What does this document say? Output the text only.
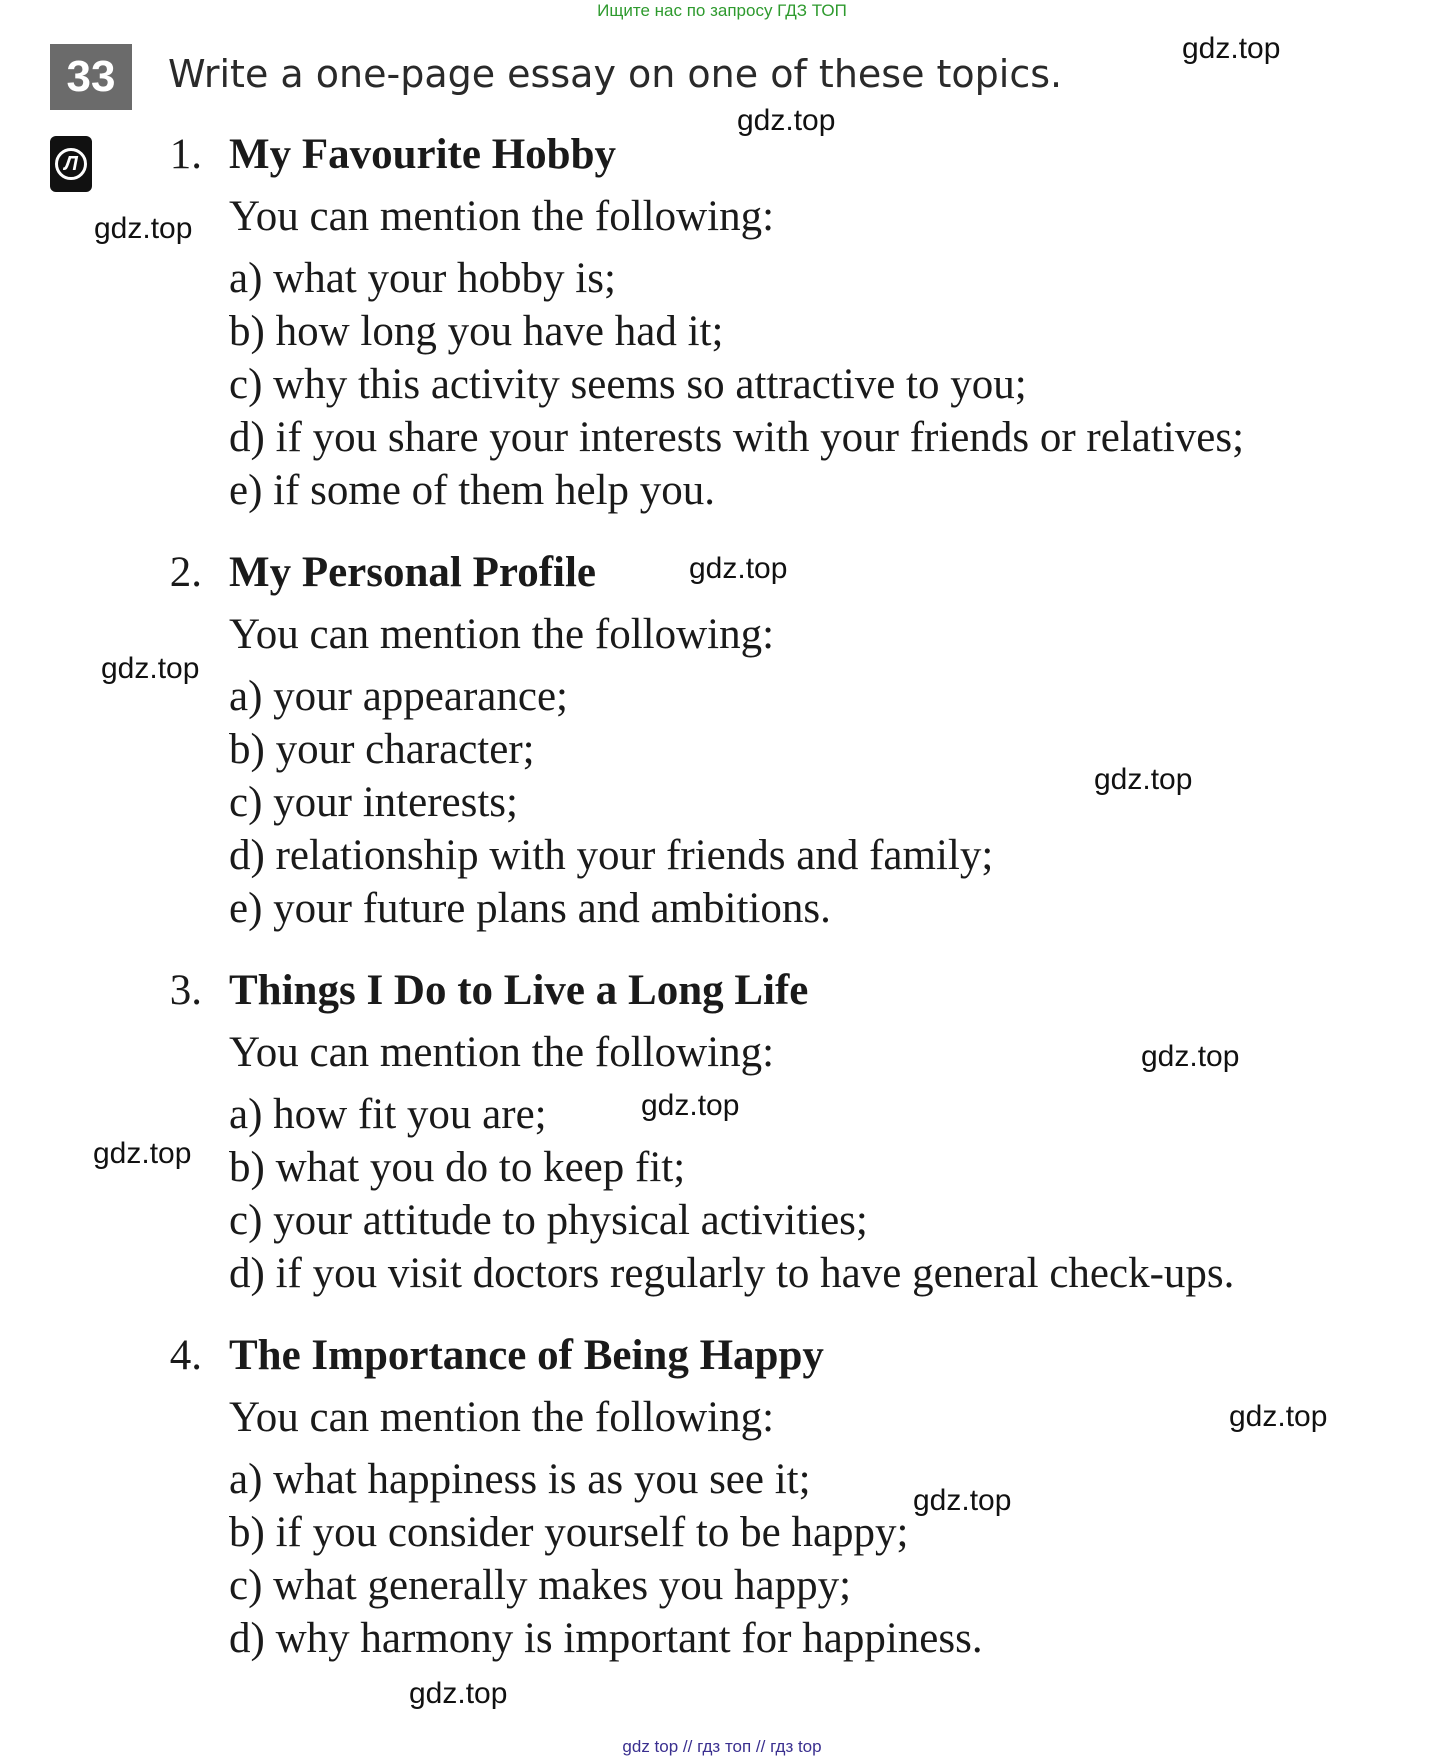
Ищите нас по запросу ГДЗ ТОП
33	Write a one-page essay on one of these topics.
Л	1. My Favourite Hobby
You can mention the following:
a) what your hobby is;
b) how long you have had it;
c) why this activity seems so attractive to you;
d) if you share your interests with your friends or relatives;
e) if some of them help you.
2. My Personal Profile
You can mention the following:
a) your appearance;
b) your character;
c) your interests;
d) relationship with your friends and family;
e) your future plans and ambitions.
3. Things I Do to Live a Long Life
You can mention the following:
a) how fit you are;
b) what you do to keep fit;
c) your attitude to physical activities;
d) if you visit doctors regularly to have general check-ups.
4. The Importance of Being Happy
You can mention the following:
a) what happiness is as you see it;
b) if you consider yourself to be happy;
c) what generally makes you happy;
d) why harmony is important for happiness.
gdz.top
gdz.top
gdz.top
gdz.top
gdz.top
gdz.top
gdz.top
gdz.top
gdz.top
gdz.top
gdz.top
gdz.top
gdz top // гдз топ // гдз top
